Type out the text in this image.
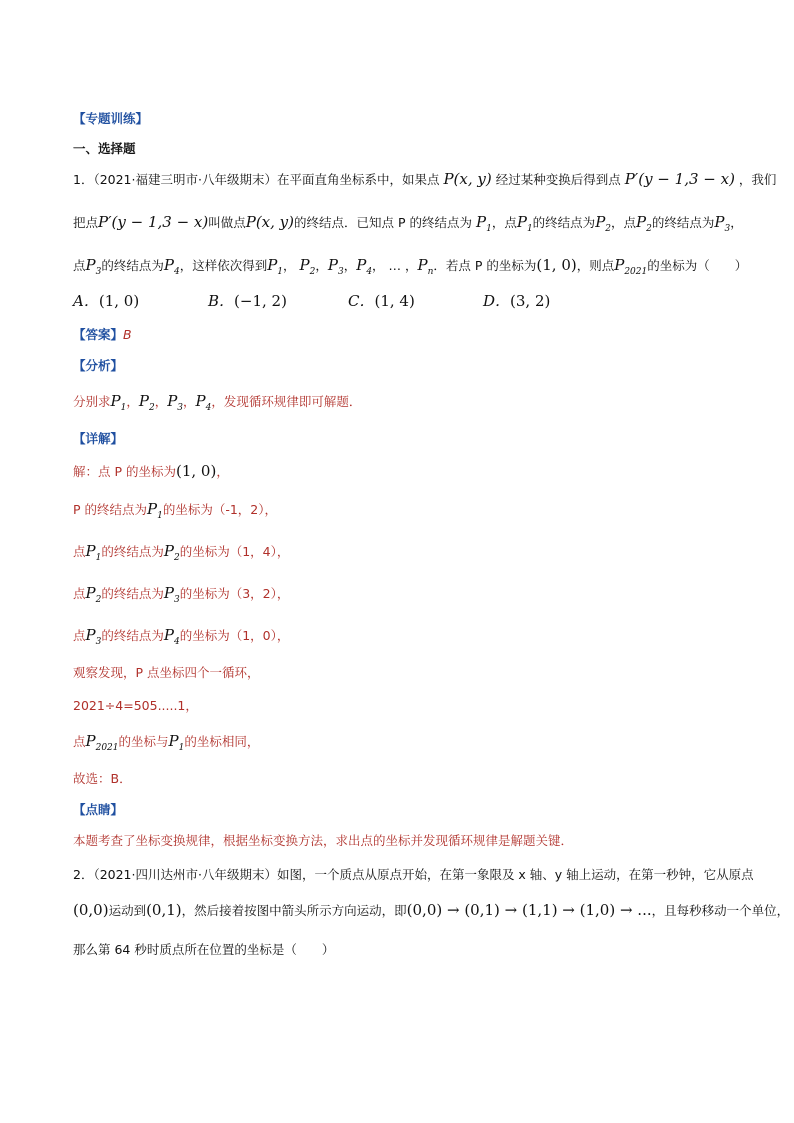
【专题训练】
一、选择题
1．（2021·福建三明市·八年级期末）在平面直角坐标系中，如果点 P(x, y) 经过某种变换后得到点 P′(y − 1,3 − x) ，我们
把点P′(y − 1,3 − x)叫做点P(x, y)的终结点．已知点 P 的终结点为 $P_1$，点$P_1$的终结点为$P_2$，点$P_2$的终结点为$P_3$，
点$P_3$的终结点为$P_4$，这样依次得到$P_1$， $P_2$，$P_3$，$P_4$， … ，$P_n$．若点 P 的坐标为(1, 0)，则点$P_{2021}$的坐标为（　　）
A．(1, 0)	B．(−1, 2)	C．(1, 4)	D．(3, 2)
【答案】B
【分析】
分别求$P_1$，$P_2$，$P_3$，$P_4$，发现循环规律即可解题．
【详解】
解：点 P 的坐标为(1, 0)，
P 的终结点为$P_1$的坐标为（-1，2），
点$P_1$的终结点为$P_2$的坐标为（1，4），
点$P_2$的终结点为$P_3$的坐标为（3，2），
点$P_3$的终结点为$P_4$的坐标为（1，0），
观察发现，P 点坐标四个一循环，
2021÷4=505.....1，
点$P_{2021}$的坐标与$P_1$的坐标相同，
故选：B．
【点睛】
本题考查了坐标变换规律，根据坐标变换方法，求出点的坐标并发现循环规律是解题关键．
2．（2021·四川达州市·八年级期末）如图，一个质点从原点开始，在第一象限及 x 轴、y 轴上运动，在第一秒钟，它从原点
(0,0)运动到(0,1)，然后接着按图中箭头所示方向运动，即(0,0) → (0,1) → (1,1) → (1,0) → ...，且每秒移动一个单位，
那么第 64 秒时质点所在位置的坐标是（　　）
